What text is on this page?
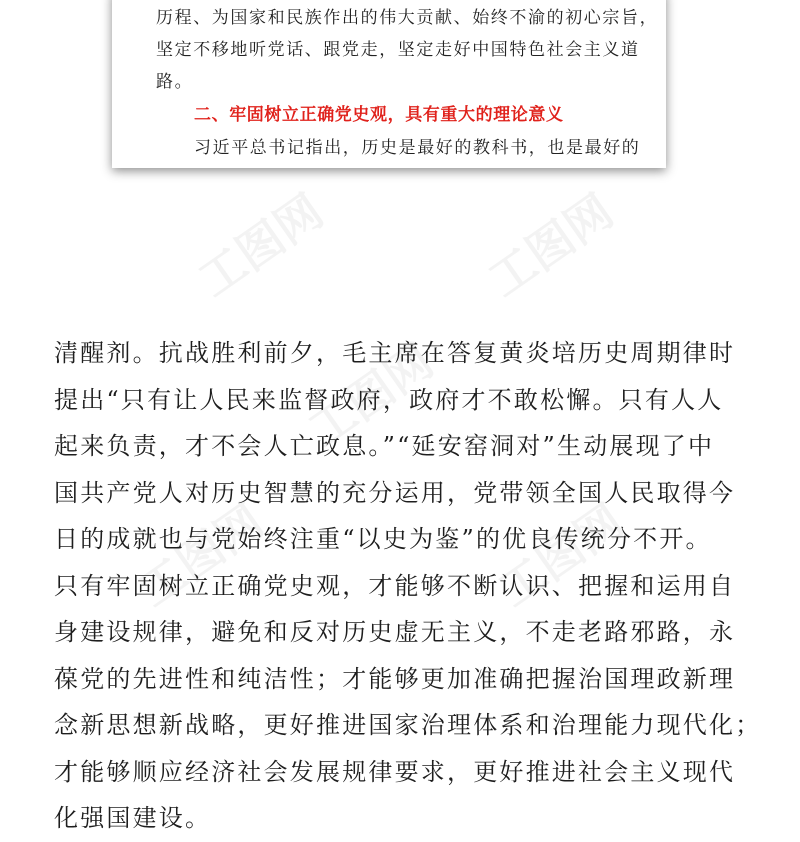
工图网	工图网
工图网	工图网
工图网
历程、为国家和民族作出的伟大贡献、始终不渝的初心宗旨，
坚定不移地听党话、跟党走，坚定走好中国特色社会主义道
路。
二、牢固树立正确党史观，具有重大的理论意义
习近平总书记指出，历史是最好的教科书，也是最好的
清醒剂。抗战胜利前夕，毛主席在答复黄炎培历史周期律时
提出“只有让人民来监督政府，政府才不敢松懈。只有人人
起来负责，才不会人亡政息。”“延安窑洞对”生动展现了中
国共产党人对历史智慧的充分运用，党带领全国人民取得今
日的成就也与党始终注重“以史为鉴”的优良传统分不开。
只有牢固树立正确党史观，才能够不断认识、把握和运用自
身建设规律，避免和反对历史虚无主义，不走老路邪路，永
葆党的先进性和纯洁性；才能够更加准确把握治国理政新理
念新思想新战略，更好推进国家治理体系和治理能力现代化；
才能够顺应经济社会发展规律要求，更好推进社会主义现代
化强国建设。
